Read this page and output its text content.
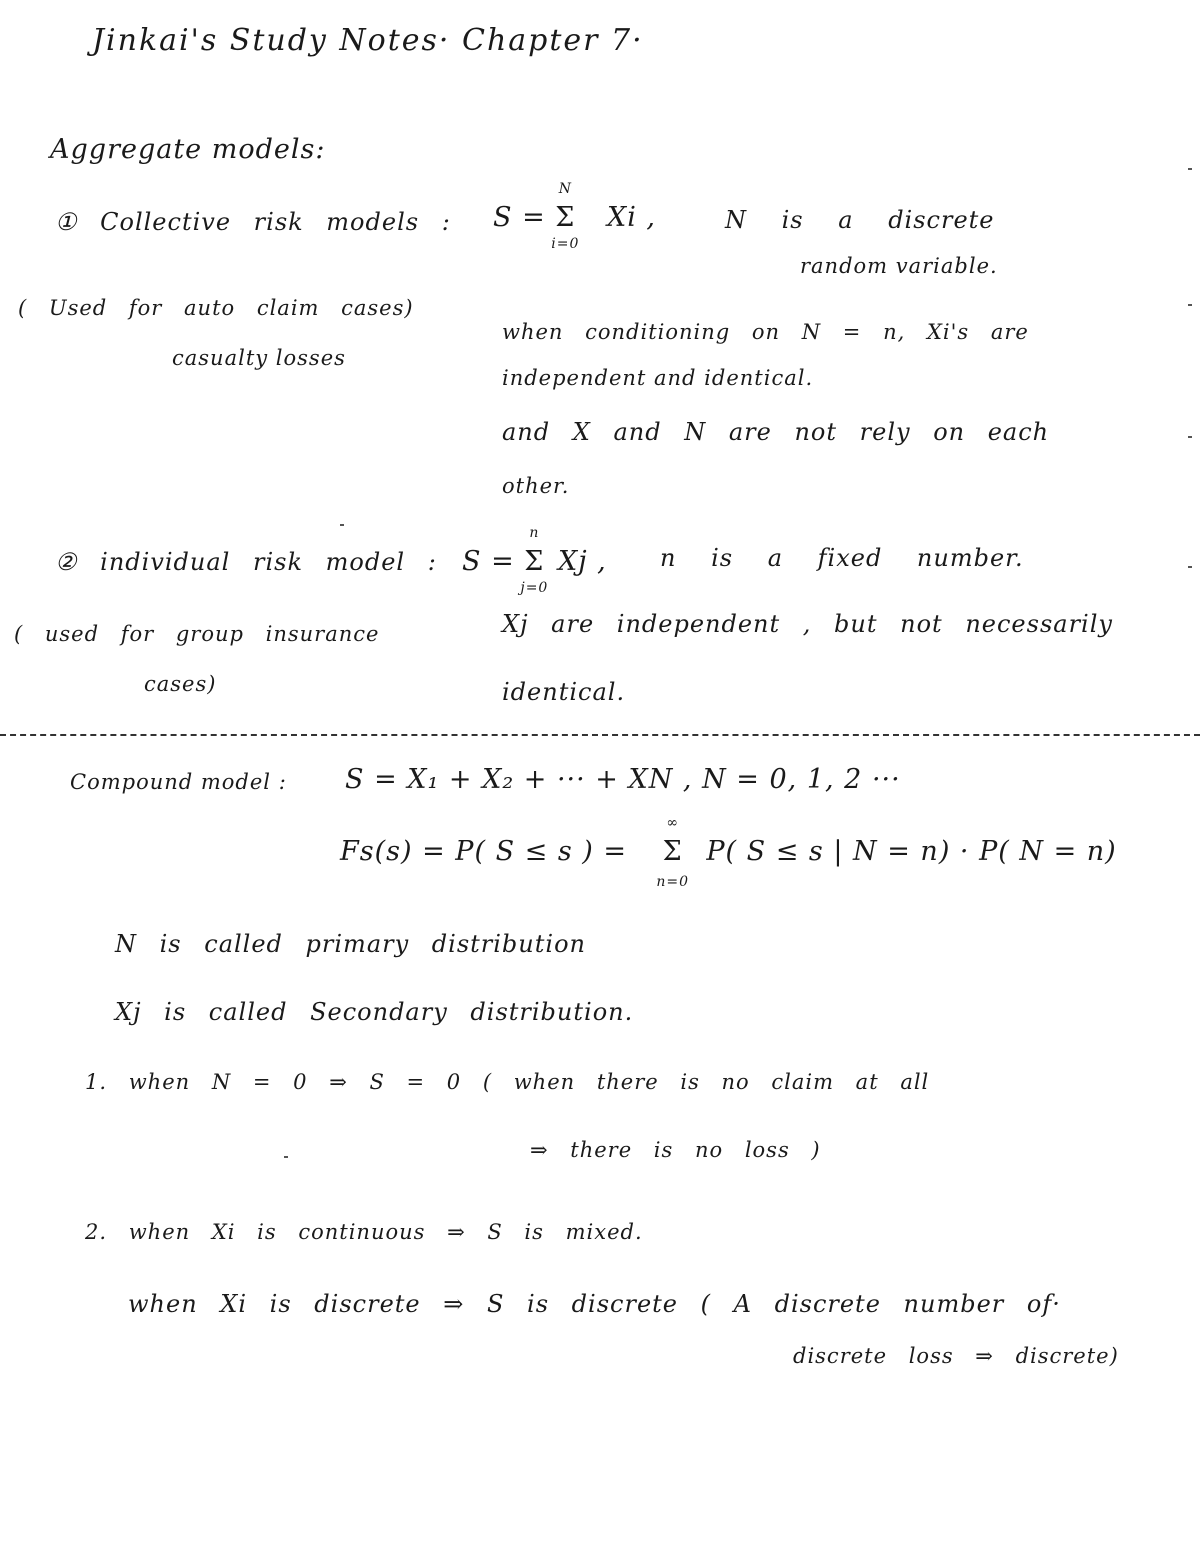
Jinkai's Study Notes· Chapter 7·
Aggregate models:
① Collective risk models : S = Σ
N
i=0
Xi ,	N is a discrete
random variable.
( Used for auto claim cases)
casualty losses
when conditioning on N = n, Xi's are
independent and identical.
and X and N are not rely on each
other.
② individual risk model : S = Σ
n
j=0
Xj , n is a fixed number.
( used for group insurance
cases)
Xj are independent , but not necessarily
identical.
Compound model : S = X₁ + X₂ + ··· + XN , N = 0, 1, 2 ···
Fs(s) = P( S ≤ s ) = Σ
∞
n=0
P( S ≤ s | N = n) · P( N = n)
N is called primary distribution
Xj is called Secondary distribution.
1. when N = 0 ⇒ S = 0 ( when there is no claim at all
⇒ there is no loss )
2. when Xi is continuous ⇒ S is mixed.
when Xi is discrete ⇒ S is discrete ( A discrete number of·
discrete loss ⇒ discrete)
